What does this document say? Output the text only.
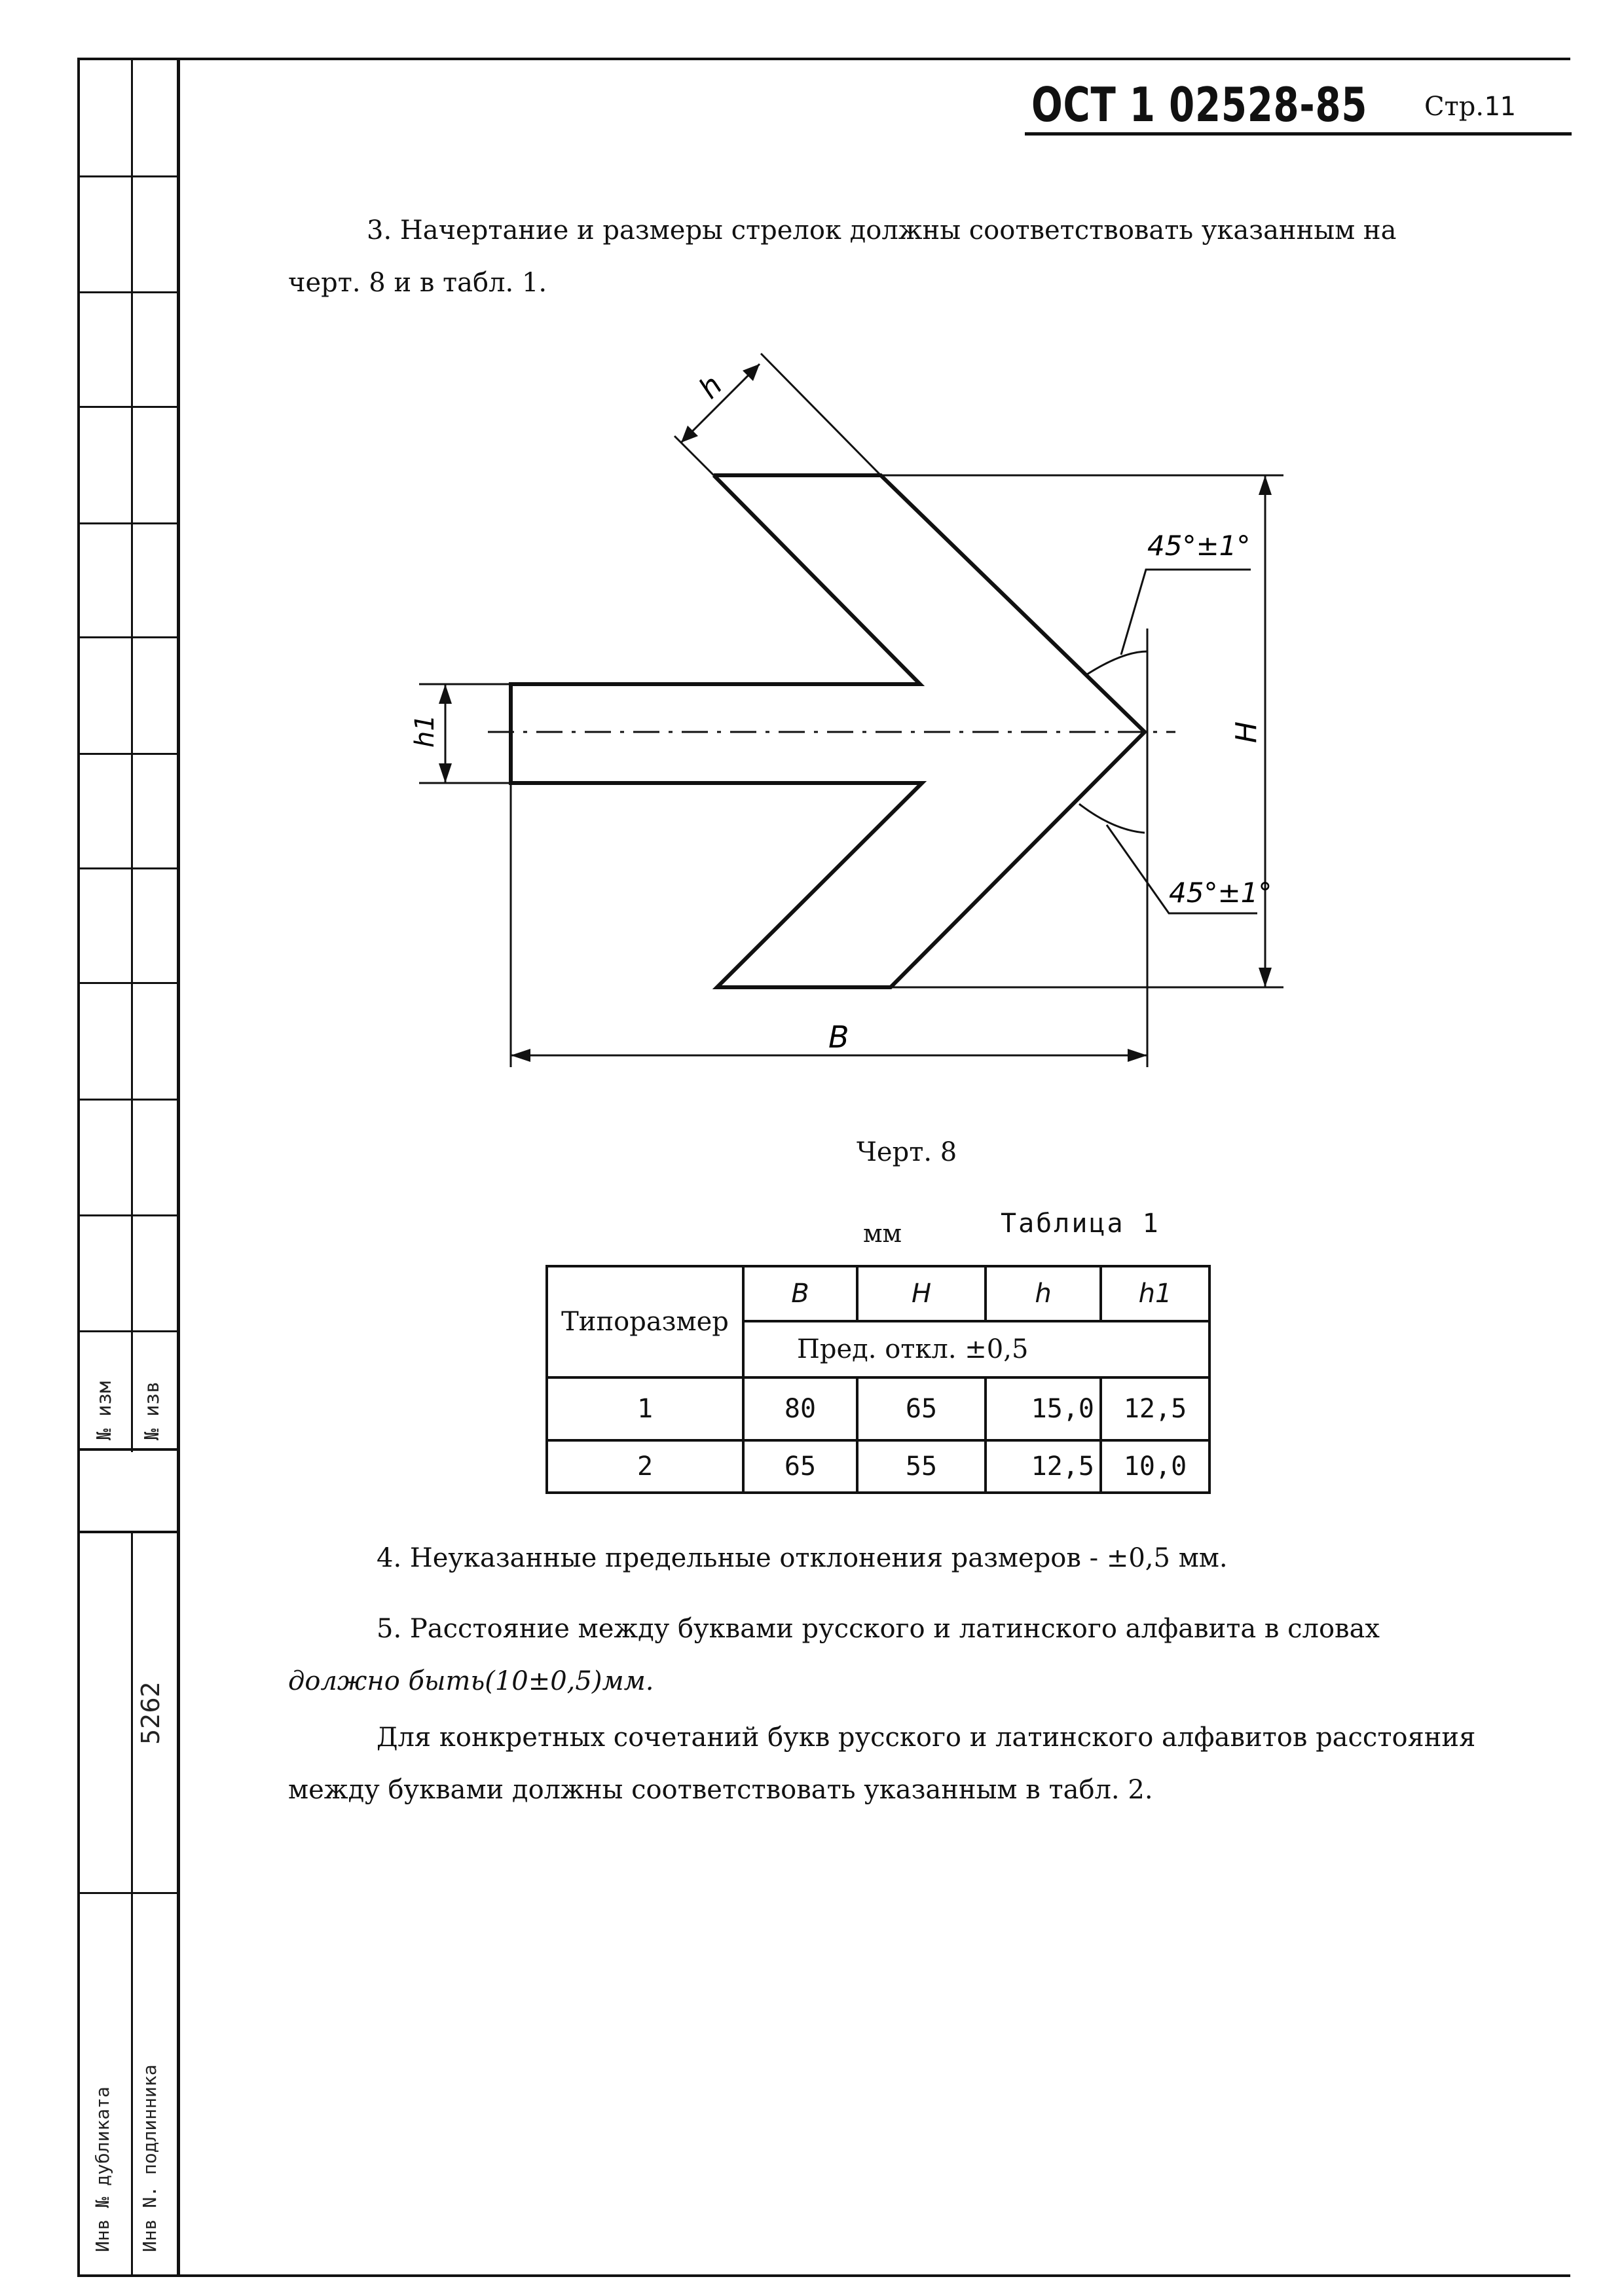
№ изм № изв
5262
Инв № дубликата Инв N. подлинника
ОСТ 1 02528-85 Стр.11
3. Начертание и размеры стрелок должны соответствовать указанным на
черт. 8 и в табл. 1.
h
h1	H
B
45°±1°
45°±1°
Черт. 8
мм	Таблица 1
Типоразмер	B	H	h	h1
	Пред. откл. ±0,5			
1	80	65	15,0	12,5
2	65	55	12,5	10,0
4. Неуказанные предельные отклонения размеров - ±0,5 мм.
5. Расстояние между буквами русского и латинского алфавита в словах
должно быть(10±0,5)мм.
Для конкретных сочетаний букв русского и латинского алфавитов расстояния
между буквами должны соответствовать указанным в табл. 2.
